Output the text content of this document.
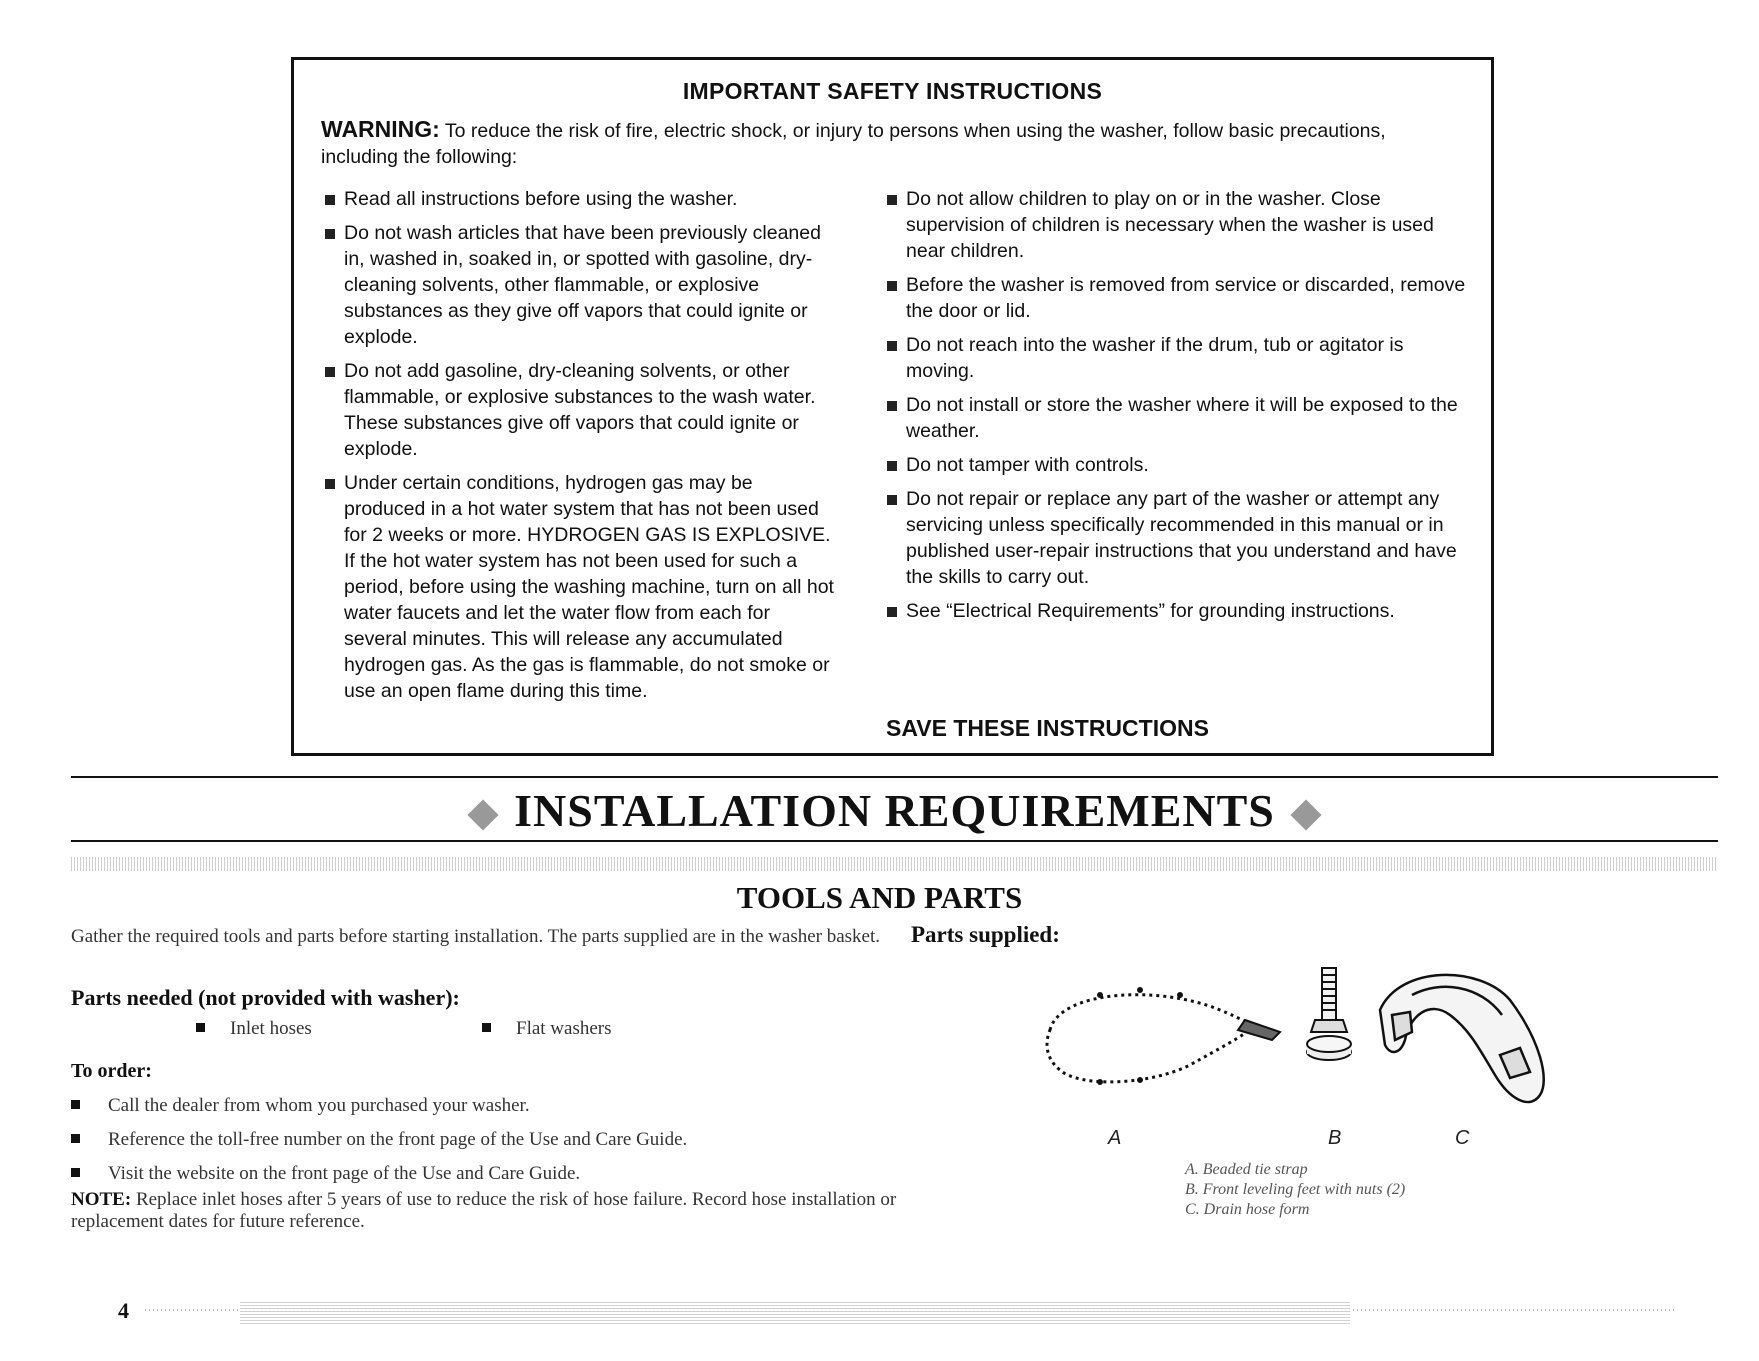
IMPORTANT SAFETY INSTRUCTIONS
WARNING: To reduce the risk of fire, electric shock, or injury to persons when using the washer, follow basic precautions, including the following:
Read all instructions before using the washer.
Do not wash articles that have been previously cleaned in, washed in, soaked in, or spotted with gasoline, dry-cleaning solvents, other flammable, or explosive substances as they give off vapors that could ignite or explode.
Do not add gasoline, dry-cleaning solvents, or other flammable, or explosive substances to the wash water. These substances give off vapors that could ignite or explode.
Under certain conditions, hydrogen gas may be produced in a hot water system that has not been used for 2 weeks or more. HYDROGEN GAS IS EXPLOSIVE. If the hot water system has not been used for such a period, before using the washing machine, turn on all hot water faucets and let the water flow from each for several minutes. This will release any accumulated hydrogen gas. As the gas is flammable, do not smoke or use an open flame during this time.
Do not allow children to play on or in the washer. Close supervision of children is necessary when the washer is used near children.
Before the washer is removed from service or discarded, remove the door or lid.
Do not reach into the washer if the drum, tub or agitator is moving.
Do not install or store the washer where it will be exposed to the weather.
Do not tamper with controls.
Do not repair or replace any part of the washer or attempt any servicing unless specifically recommended in this manual or in published user-repair instructions that you understand and have the skills to carry out.
See “Electrical Requirements” for grounding instructions.
SAVE THESE INSTRUCTIONS
INSTALLATION REQUIREMENTS
TOOLS AND PARTS
Gather the required tools and parts before starting installation. The parts supplied are in the washer basket.
Parts needed (not provided with washer):
Inlet hoses	Flat washers
To order:
Call the dealer from whom you purchased your washer.
Reference the toll-free number on the front page of the Use and Care Guide.
Visit the website on the front page of the Use and Care Guide.
NOTE: Replace inlet hoses after 5 years of use to reduce the risk of hose failure. Record hose installation or replacement dates for future reference.
Parts supplied:
A	B	C
A. Beaded tie strap
B. Front leveling feet with nuts (2)
C. Drain hose form
4
